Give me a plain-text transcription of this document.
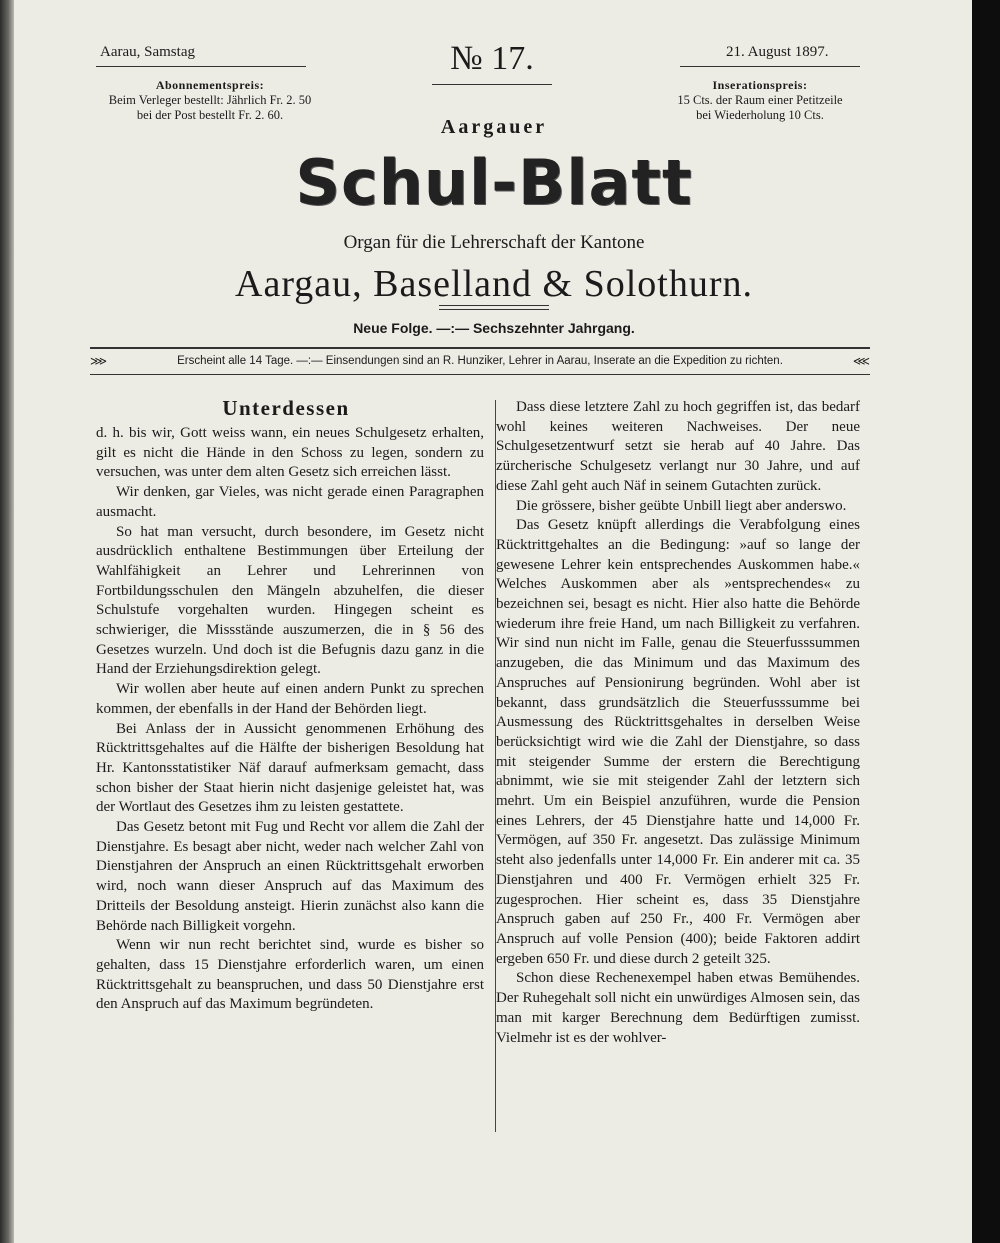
Aarau, Samstag	№ 17.	21. August 1897.
Abonnementspreis:
Beim Verleger bestellt: Jährlich Fr. 2. 50
bei der Post bestellt Fr. 2. 60.
Inserationspreis:
15 Cts. der Raum einer Petitzeile
bei Wiederholung 10 Cts.
Aargauer
Schul-Blatt
Organ für die Lehrerschaft der Kantone
Aargau, Baselland & Solothurn.
Neue Folge. —:— Sechszehnter Jahrgang.
⋙	Erscheint alle 14 Tage. —:— Einsendungen sind an R. Hunziker, Lehrer in Aarau, Inserate an die Expedition zu richten.	⋘
Unterdessen

d. h. bis wir, Gott weiss wann, ein neues Schulgesetz erhalten, gilt es nicht die Hände in den Schoss zu legen, sondern zu versuchen, was unter dem alten Gesetz sich erreichen lässt.

Wir denken, gar Vieles, was nicht gerade einen Paragraphen ausmacht.

So hat man versucht, durch besondere, im Gesetz nicht ausdrücklich enthaltene Bestimmungen über Erteilung der Wahlfähigkeit an Lehrer und Lehrerinnen von Fortbildungsschulen den Mängeln abzuhelfen, die dieser Schulstufe vorgehalten wurden. Hingegen scheint es schwieriger, die Missstände auszumerzen, die in § 56 des Gesetzes wurzeln. Und doch ist die Befugnis dazu ganz in die Hand der Erziehungsdirektion gelegt.

Wir wollen aber heute auf einen andern Punkt zu sprechen kommen, der ebenfalls in der Hand der Behörden liegt.

Bei Anlass der in Aussicht genommenen Erhöhung des Rücktrittsgehaltes auf die Hälfte der bisherigen Besoldung hat Hr. Kantonsstatistiker Näf darauf aufmerksam gemacht, dass schon bisher der Staat hierin nicht dasjenige geleistet hat, was der Wortlaut des Gesetzes ihm zu leisten gestattete.

Das Gesetz betont mit Fug und Recht vor allem die Zahl der Dienstjahre. Es besagt aber nicht, weder nach welcher Zahl von Dienstjahren der Anspruch an einen Rücktrittsgehalt erworben wird, noch wann dieser Anspruch auf das Maximum des Dritteils der Besoldung ansteigt. Hierin zunächst also kann die Behörde nach Billigkeit vorgehn.

Wenn wir nun recht berichtet sind, wurde es bisher so gehalten, dass 15 Dienstjahre erforderlich waren, um einen Rücktrittsgehalt zu beanspruchen, und dass 50 Dienstjahre erst den Anspruch auf das Maximum begründeten.

Dass diese letztere Zahl zu hoch gegriffen ist, das bedarf wohl keines weiteren Nachweises. Der neue Schulgesetzentwurf setzt sie herab auf 40 Jahre. Das zürcherische Schulgesetz verlangt nur 30 Jahre, und auf diese Zahl geht auch Näf in seinem Gutachten zurück.

Die grössere, bisher geübte Unbill liegt aber anderswo.

Das Gesetz knüpft allerdings die Verabfolgung eines Rücktrittgehaltes an die Bedingung: »auf so lange der gewesene Lehrer kein entsprechendes Auskommen habe.« Welches Auskommen aber als »entsprechendes« zu bezeichnen sei, besagt es nicht. Hier also hatte die Behörde wiederum ihre freie Hand, um nach Billigkeit zu verfahren. Wir sind nun nicht im Falle, genau die Steuerfusssummen anzugeben, die das Minimum und das Maximum des Anspruches auf Pensionirung begründen. Wohl aber ist bekannt, dass grundsätzlich die Steuerfusssumme bei Ausmessung des Rücktrittsgehaltes in derselben Weise berücksichtigt wird wie die Zahl der Dienstjahre, so dass mit steigender Summe der erstern die Berechtigung abnimmt, wie sie mit steigender Zahl der letztern sich mehrt. Um ein Beispiel anzuführen, wurde die Pension eines Lehrers, der 45 Dienstjahre hatte und 14,000 Fr. Vermögen, auf 350 Fr. angesetzt. Das zulässige Minimum steht also jedenfalls unter 14,000 Fr. Ein anderer mit ca. 35 Dienstjahren und 400 Fr. Vermögen erhielt 325 Fr. zugesprochen. Hier scheint es, dass 35 Dienstjahre Anspruch gaben auf 250 Fr., 400 Fr. Vermögen aber Anspruch auf volle Pension (400); beide Faktoren addirt ergeben 650 Fr. und diese durch 2 geteilt 325.

Schon diese Rechenexempel haben etwas Bemühendes. Der Ruhegehalt soll nicht ein unwürdiges Almosen sein, das man mit karger Berechnung dem Bedürftigen zumisst. Vielmehr ist es der wohlver-
